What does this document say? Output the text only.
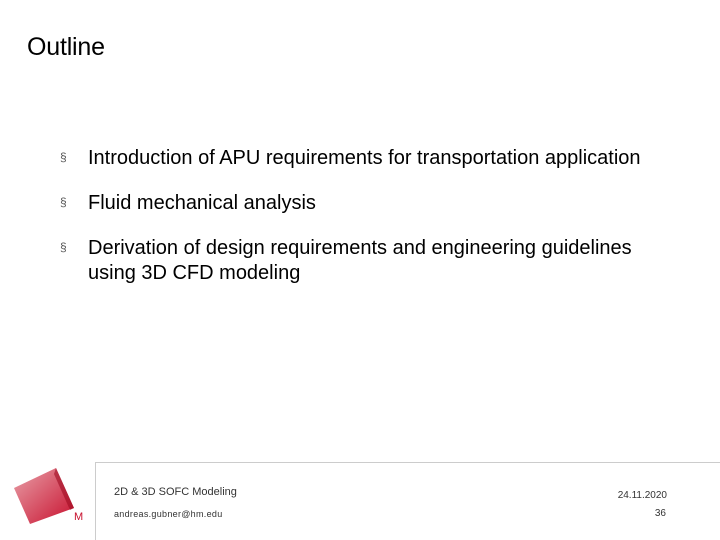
Outline
§ Introduction of APU requirements for transportation application
§ Fluid mechanical analysis
§ Derivation of design requirements and engineering guidelines using 3D CFD modeling
M
2D & 3D SOFC Modeling
andreas.gubner@hm.edu
24.11.2020
36
